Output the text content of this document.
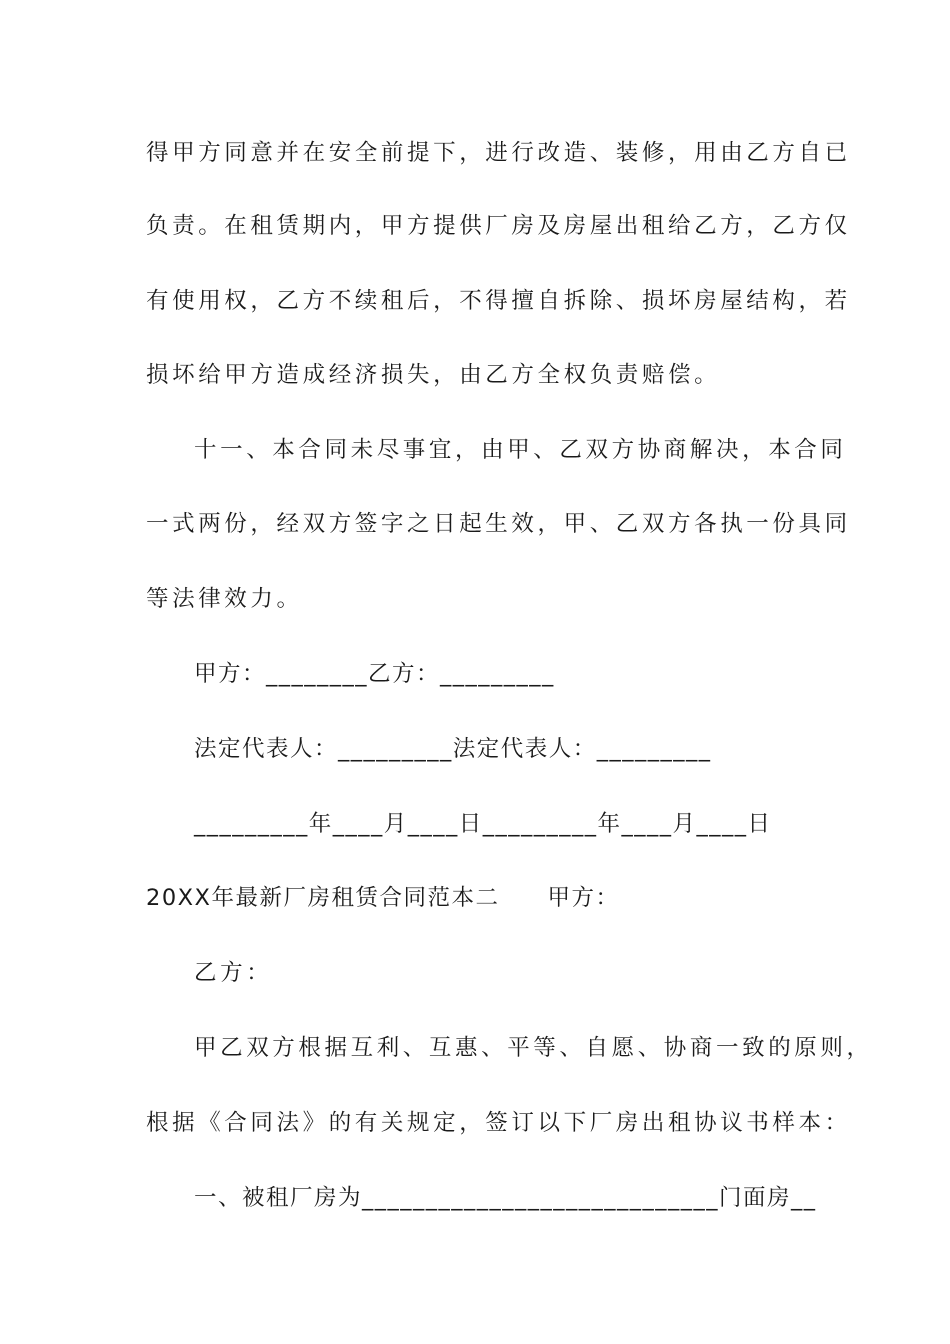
得甲方同意并在安全前提下，进行改造、装修，用由乙方自已
负责。在租赁期内，甲方提供厂房及房屋出租给乙方，乙方仅
有使用权，乙方不续租后，不得擅自拆除、损坏房屋结构，若
损坏给甲方造成经济损失，由乙方全权负责赔偿。
十一、本合同未尽事宜，由甲、乙双方协商解决，本合同
一式两份，经双方签字之日起生效，甲、乙双方各执一份具同
等法律效力。
甲方：________乙方：_________
法定代表人：_________法定代表人：_________
_________年____月____日_________年____月____日
20XX年最新厂房租赁合同范本二　　甲方：
乙方：
甲乙双方根据互利、互惠、平等、自愿、协商一致的原则，
根据《合同法》的有关规定，签订以下厂房出租协议书样本：
一、被租厂房为____________________________门面房__
